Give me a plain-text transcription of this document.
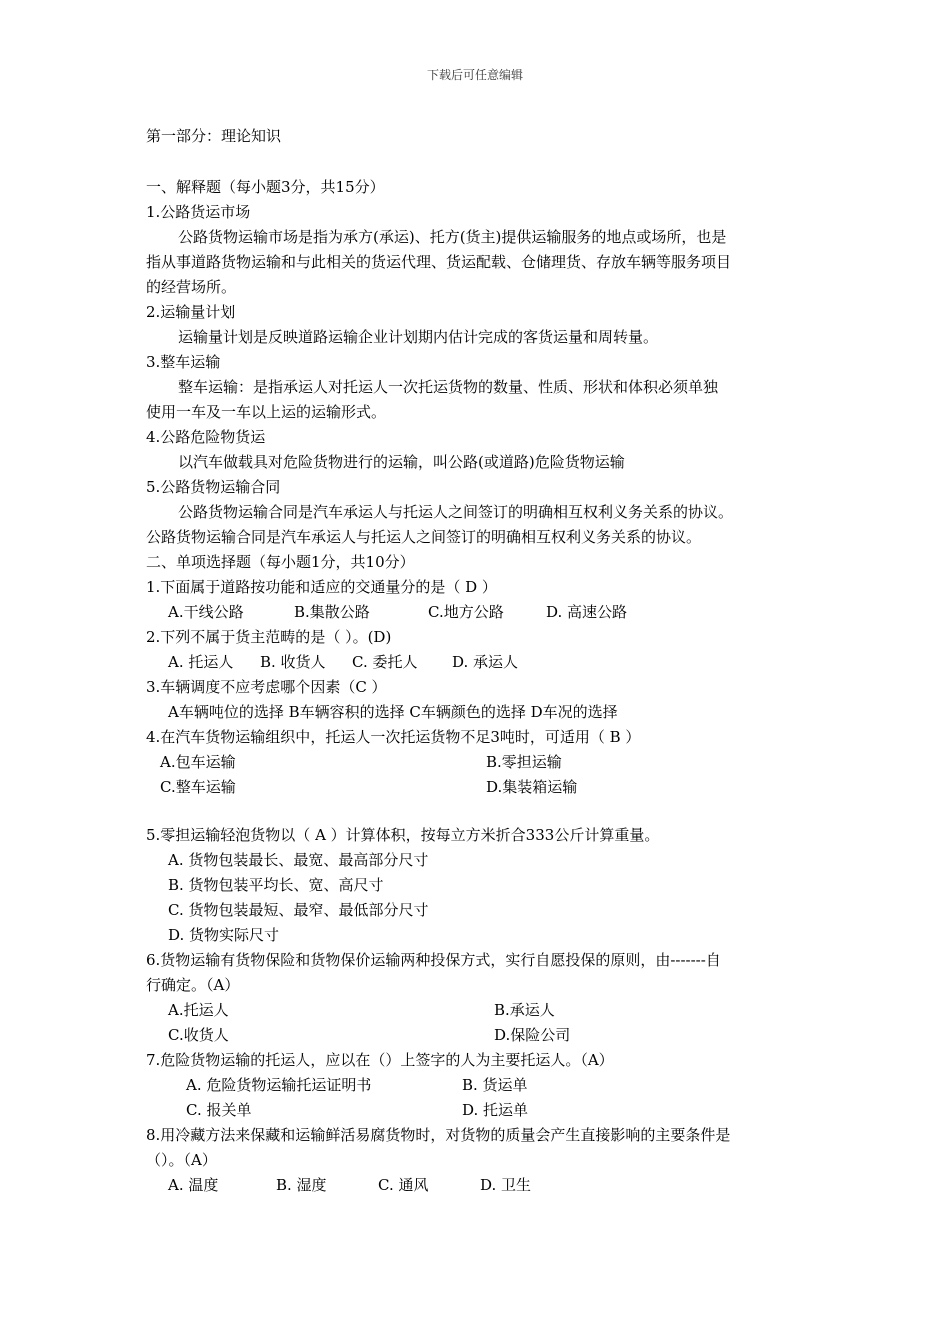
下载后可任意编辑
第一部分：理论知识
一、解释题（每小题3分，共15分）
1.公路货运市场
公路货物运输市场是指为承方(承运)、托方(货主)提供运输服务的地点或场所，也是
指从事道路货物运输和与此相关的货运代理、货运配载、仓储理货、存放车辆等服务项目
的经营场所。
2.运输量计划
运输量计划是反映道路运输企业计划期内估计完成的客货运量和周转量。
3.整车运输
整车运输：是指承运人对托运人一次托运货物的数量、性质、形状和体积必须单独
使用一车及一车以上运的运输形式。
4.公路危险物货运
以汽车做载具对危险货物进行的运输，叫公路(或道路)危险货物运输
5.公路货物运输合同
公路货物运输合同是汽车承运人与托运人之间签订的明确相互权利义务关系的协议。
公路货物运输合同是汽车承运人与托运人之间签订的明确相互权利义务关系的协议。
二、单项选择题（每小题1分，共10分）
1.下面属于道路按功能和适应的交通量分的是（ D ）
A.干线公路	B.集散公路	C.地方公路	D. 高速公路
2.下列不属于货主范畴的是（ ）。(D)
A. 托运人 B. 收货人 C. 委托人 D. 承运人
3.车辆调度不应考虑哪个因素（C ）
A车辆吨位的选择 B车辆容积的选择 C车辆颜色的选择 D车况的选择
4.在汽车货物运输组织中，托运人一次托运货物不足3吨时，可适用（ B ）
A.包车运输	B.零担运输
C.整车运输	D.集装箱运输
5.零担运输轻泡货物以（ A ）计算体积，按每立方米折合333公斤计算重量。
A. 货物包装最长、最宽、最高部分尺寸
B. 货物包装平均长、宽、高尺寸
C. 货物包装最短、最窄、最低部分尺寸
D. 货物实际尺寸
6.货物运输有货物保险和货物保价运输两种投保方式，实行自愿投保的原则，由-------自
行确定。（A）
A.托运人	B.承运人
C.收货人	D.保险公司
7.危险货物运输的托运人，应以在（）上签字的人为主要托运人。（A）
A. 危险货物运输托运证明书	B. 货运单
C. 报关单	D. 托运单
8.用冷藏方法来保藏和运输鲜活易腐货物时，对货物的质量会产生直接影响的主要条件是
（）。（A）
A. 温度	B. 湿度	C. 通风	D. 卫生
